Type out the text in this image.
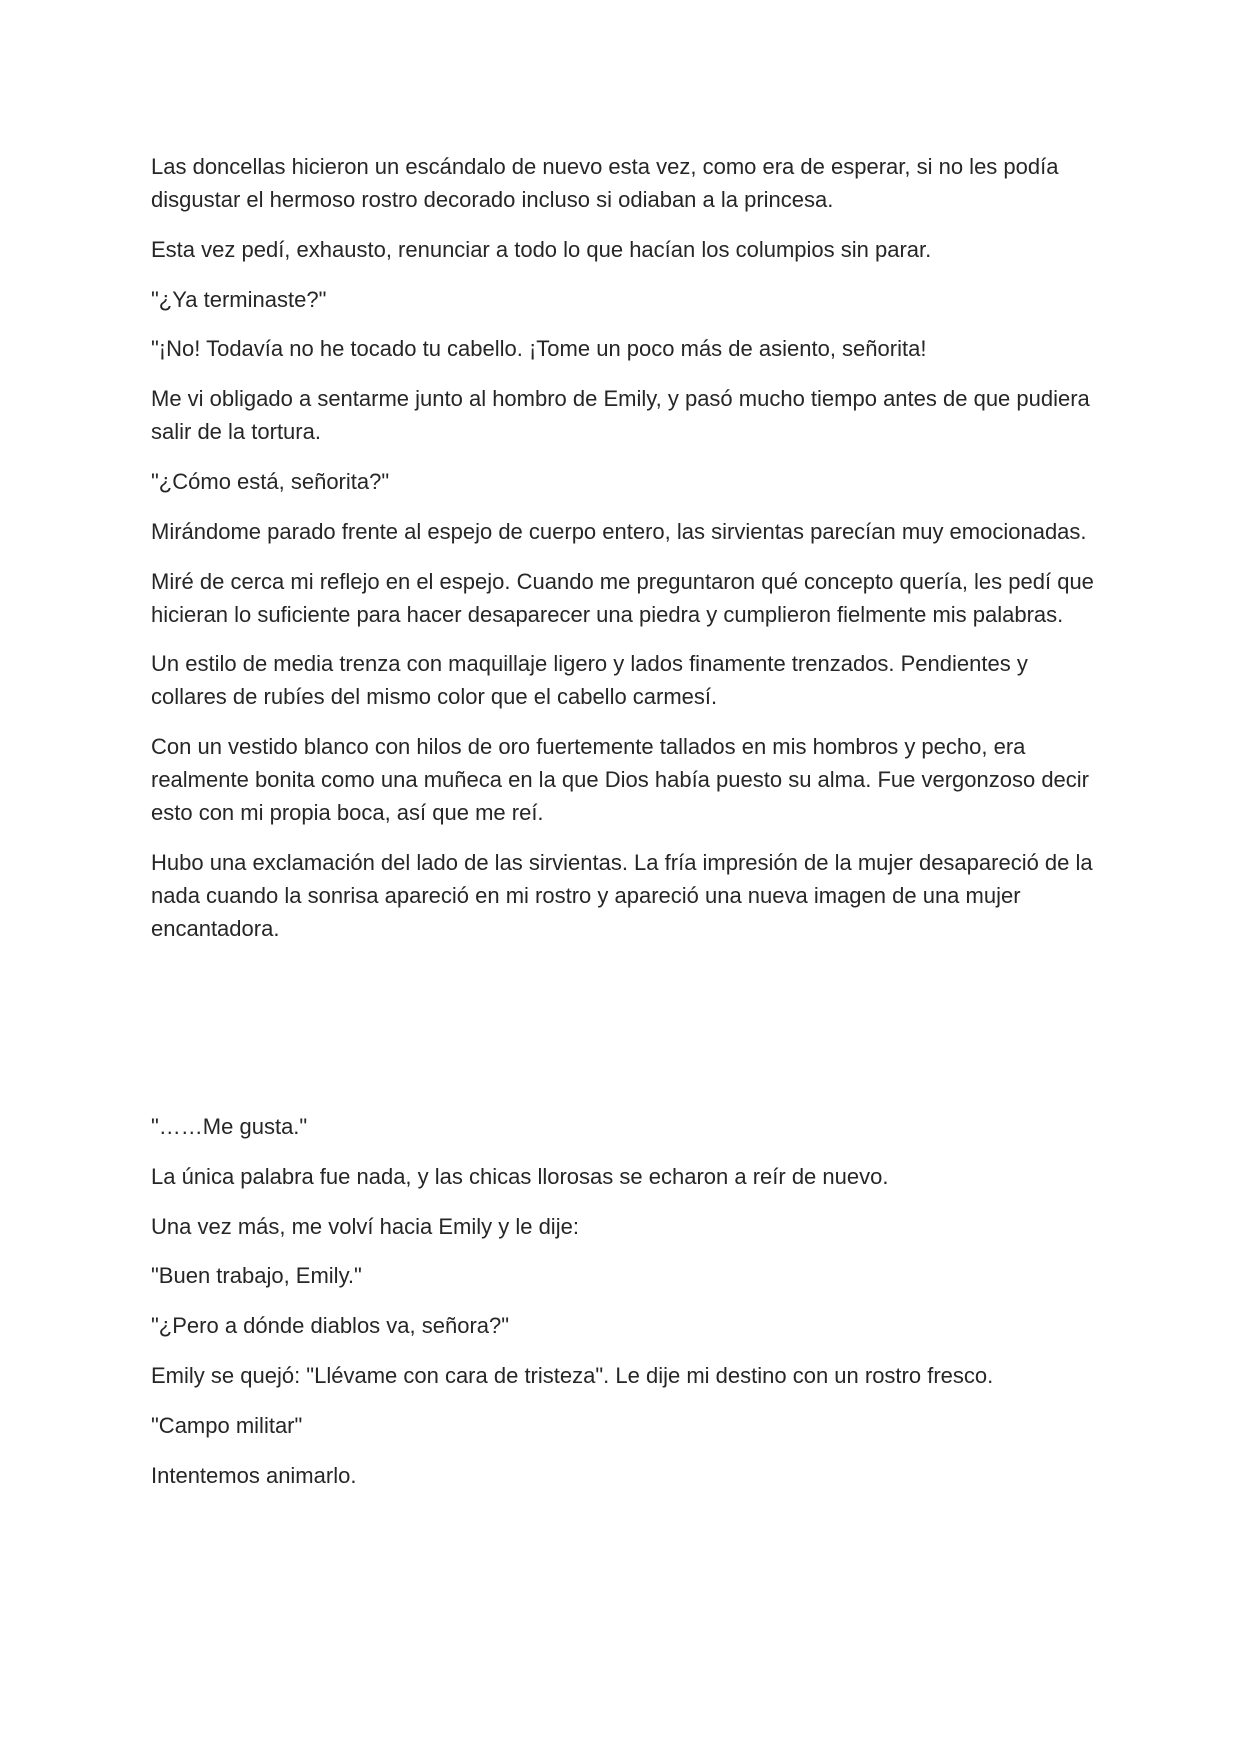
Las doncellas hicieron un escándalo de nuevo esta vez, como era de esperar, si no les podía disgustar el hermoso rostro decorado incluso si odiaban a la princesa.

Esta vez pedí, exhausto, renunciar a todo lo que hacían los columpios sin parar.

"¿Ya terminaste?"

"¡No! Todavía no he tocado tu cabello. ¡Tome un poco más de asiento, señorita!

Me vi obligado a sentarme junto al hombro de Emily, y pasó mucho tiempo antes de que pudiera salir de la tortura.

"¿Cómo está, señorita?"

Mirándome parado frente al espejo de cuerpo entero, las sirvientas parecían muy emocionadas.

Miré de cerca mi reflejo en el espejo. Cuando me preguntaron qué concepto quería, les pedí que hicieran lo suficiente para hacer desaparecer una piedra y cumplieron fielmente mis palabras.

Un estilo de media trenza con maquillaje ligero y lados finamente trenzados. Pendientes y collares de rubíes del mismo color que el cabello carmesí.

Con un vestido blanco con hilos de oro fuertemente tallados en mis hombros y pecho, era realmente bonita como una muñeca en la que Dios había puesto su alma. Fue vergonzoso decir esto con mi propia boca, así que me reí.

Hubo una exclamación del lado de las sirvientas. La fría impresión de la mujer desapareció de la nada cuando la sonrisa apareció en mi rostro y apareció una nueva imagen de una mujer encantadora.

"……Me gusta."

La única palabra fue nada, y las chicas llorosas se echaron a reír de nuevo.

Una vez más, me volví hacia Emily y le dije:

"Buen trabajo, Emily."

"¿Pero a dónde diablos va, señora?"

Emily se quejó: "Llévame con cara de tristeza". Le dije mi destino con un rostro fresco.

"Campo militar"

Intentemos animarlo.
